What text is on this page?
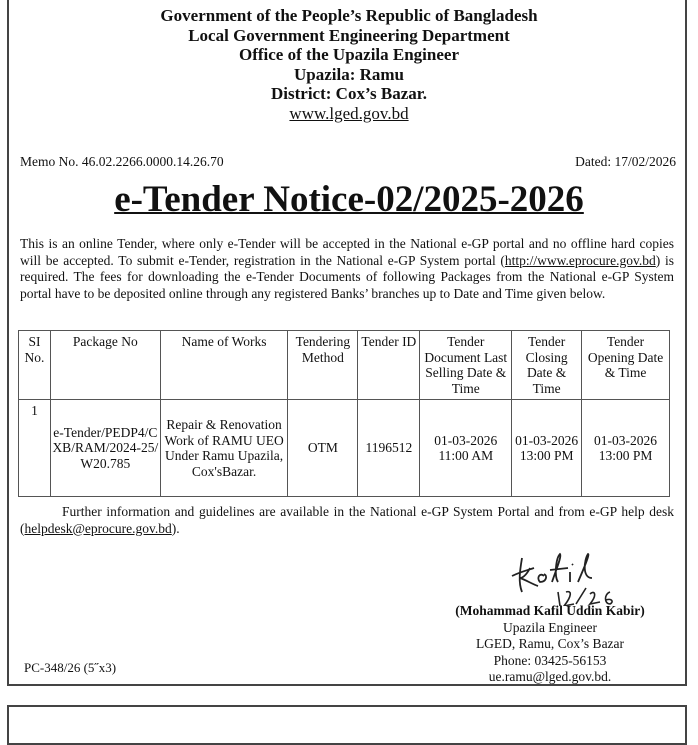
Government of the People’s Republic of Bangladesh
Local Government Engineering Department
Office of the Upazila Engineer
Upazila: Ramu
District: Cox’s Bazar.
www.lged.gov.bd
Memo No. 46.02.2266.0000.14.26.70	Dated: 17/02/2026
e-Tender Notice-02/2025-2026
This is an online Tender, where only e-Tender will be accepted in the National e-GP portal and no offline hard copies will be accepted. To submit e-Tender, registration in the National e-GP System portal (http://www.eprocure.gov.bd) is required. The fees for downloading the e-Tender Documents of following Packages from the National e-GP System portal have to be deposited online through any registered Banks’ branches up to Date and Time given below.
SI No.	Package No	Name of Works	Tendering Method	Tender ID	Tender Document Last Selling Date & Time	Tender Closing Date & Time	Tender Opening Date & Time
1	e-Tender/PEDP4/CXB/RAM/2024-25/W20.785	Repair & Renovation Work of RAMU UEO Under Ramu Upazila, Cox'sBazar.	OTM	1196512	01-03-2026 11:00 AM	01-03-2026 13:00 PM	01-03-2026 13:00 PM
Further information and guidelines are available in the National e-GP System Portal and from e-GP help desk (helpdesk@eprocure.gov.bd).
(Mohammad Kafil Uddin Kabir)
Upazila Engineer
LGED, Ramu, Cox’s Bazar
Phone: 03425-56153
ue.ramu@lged.gov.bd.
PC-348/26 (5˝x3)
